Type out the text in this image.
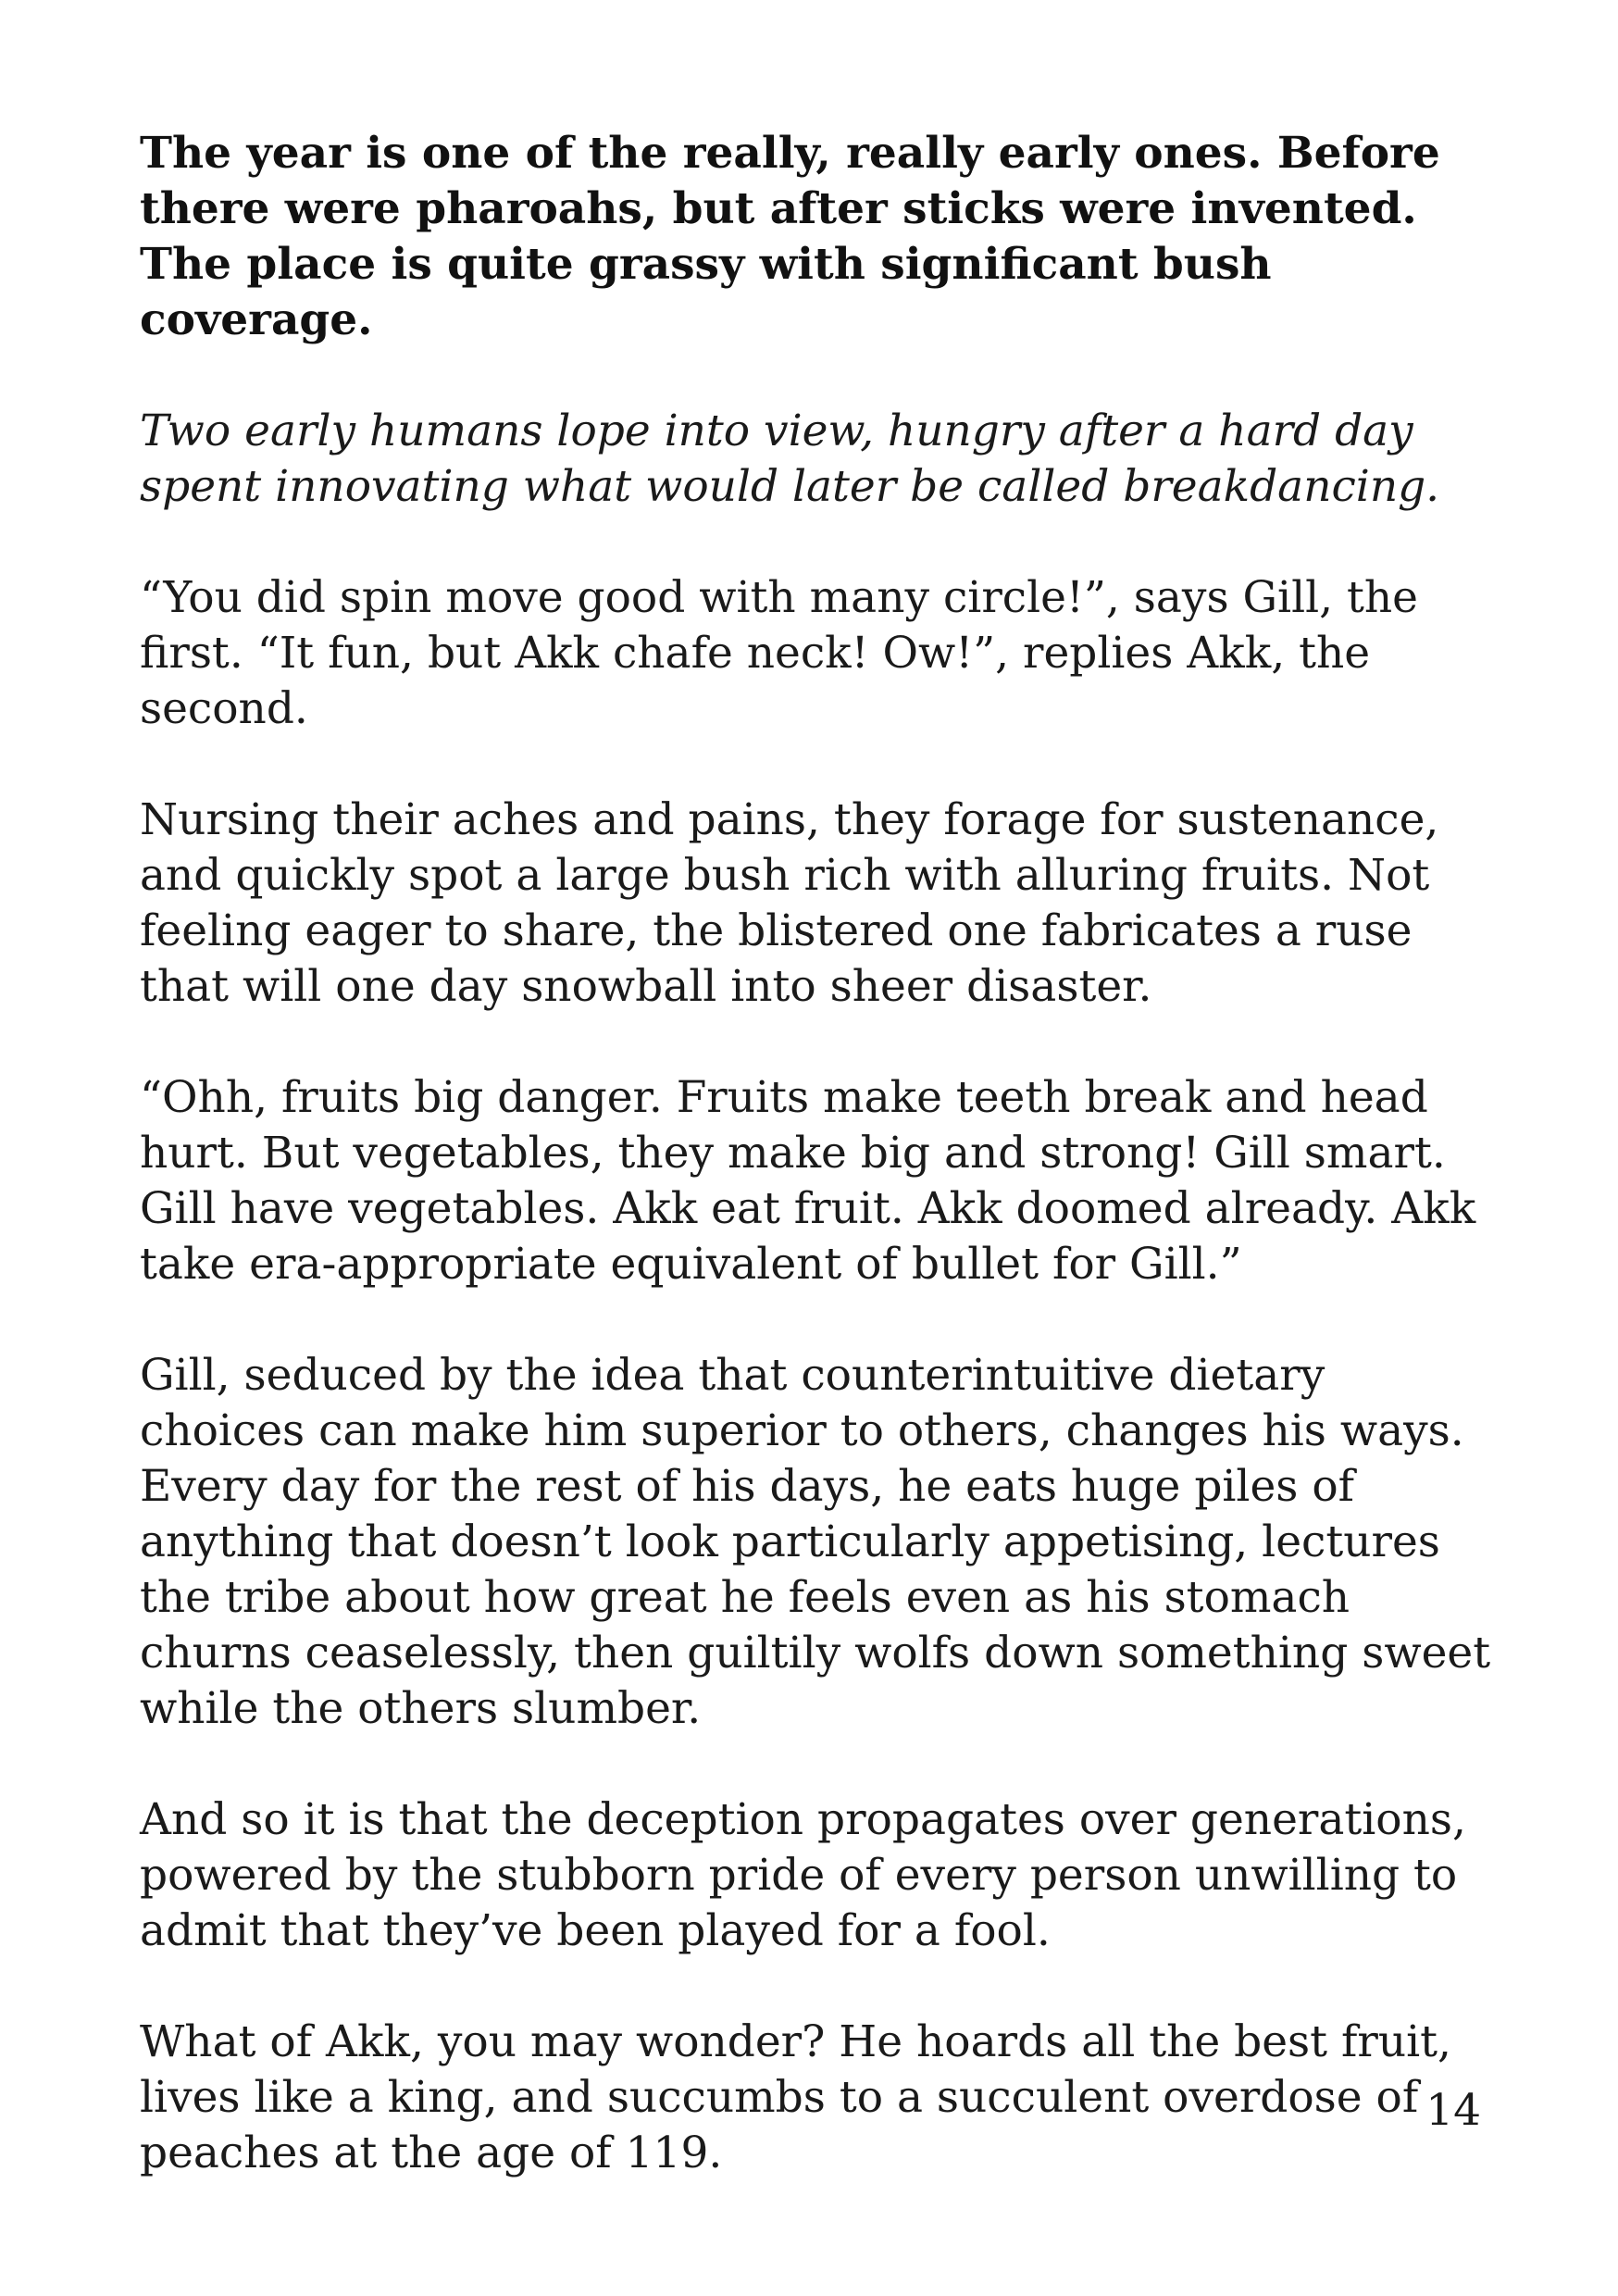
The year is one of the really, really early ones. Before there were pharoahs, but after sticks were invented. The place is quite grassy with significant bush coverage.

Two early humans lope into view, hungry after a hard day spent innovating what would later be called breakdancing.

“You did spin move good with many circle!”, says Gill, the first. “It fun, but Akk chafe neck! Ow!”, replies Akk, the second.

Nursing their aches and pains, they forage for sustenance, and quickly spot a large bush rich with alluring fruits. Not feeling eager to share, the blistered one fabricates a ruse that will one day snowball into sheer disaster.

“Ohh, fruits big danger. Fruits make teeth break and head hurt. But vegetables, they make big and strong! Gill smart. Gill have vegetables. Akk eat fruit. Akk doomed already. Akk take era-appropriate equivalent of bullet for Gill.”

Gill, seduced by the idea that counterintuitive dietary choices can make him superior to others, changes his ways. Every day for the rest of his days, he eats huge piles of anything that doesn’t look particularly appetising, lectures the tribe about how great he feels even as his stomach churns ceaselessly, then guiltily wolfs down something sweet while the others slumber.

And so it is that the deception propagates over generations, powered by the stubborn pride of every person unwilling to admit that they’ve been played for a fool.

What of Akk, you may wonder? He hoards all the best fruit, lives like a king, and succumbs to a succulent overdose of peaches at the age of 119.

14
